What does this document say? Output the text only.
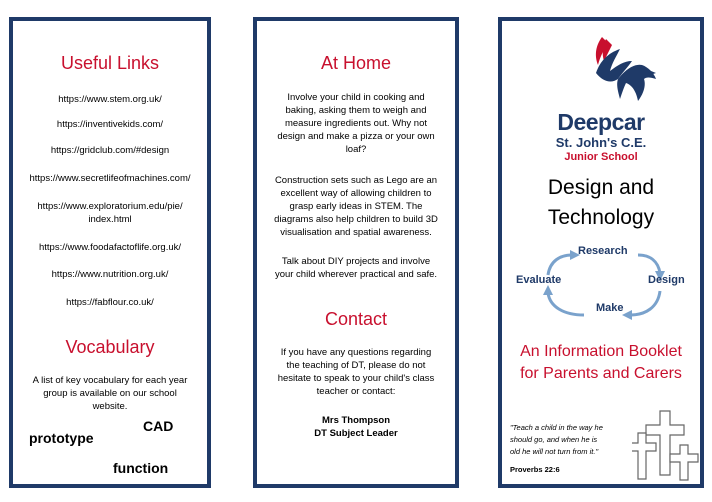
Useful Links
https://www.stem.org.uk/
https://inventivekids.com/
https://gridclub.com/#design
https://www.secretlifeofmachines.com/
https://www.exploratorium.edu/pie/
index.html
https://www.foodafactoflife.org.uk/
https://www.nutrition.org.uk/
https://fabflour.co.uk/
Vocabulary
A list of key vocabulary for each year
group is available on our school
website.
CAD
prototype
function
At Home
Involve your child in cooking and
baking, asking them to weigh and
measure ingredients out. Why not
design and make a pizza or your own
loaf?
Construction sets such as Lego are an
excellent way of allowing children to
grasp early ideas in STEM. The
diagrams also help children to build 3D
visualisation and spatial awareness.
Talk about DIY projects and involve
your child wherever practical and safe.
Contact
If you have any questions regarding
the teaching of DT, please do not
hesitate to speak to your child's class
teacher or contact:
Mrs Thompson
DT Subject Leader
Deepcar
St. John's C.E.
Junior School
Design and
Technology
Research
Design
Make
Evaluate
An Information Booklet
for Parents and Carers
"Teach a child in the way he
should go, and when he is
old he will not turn from it."
Proverbs 22:6
